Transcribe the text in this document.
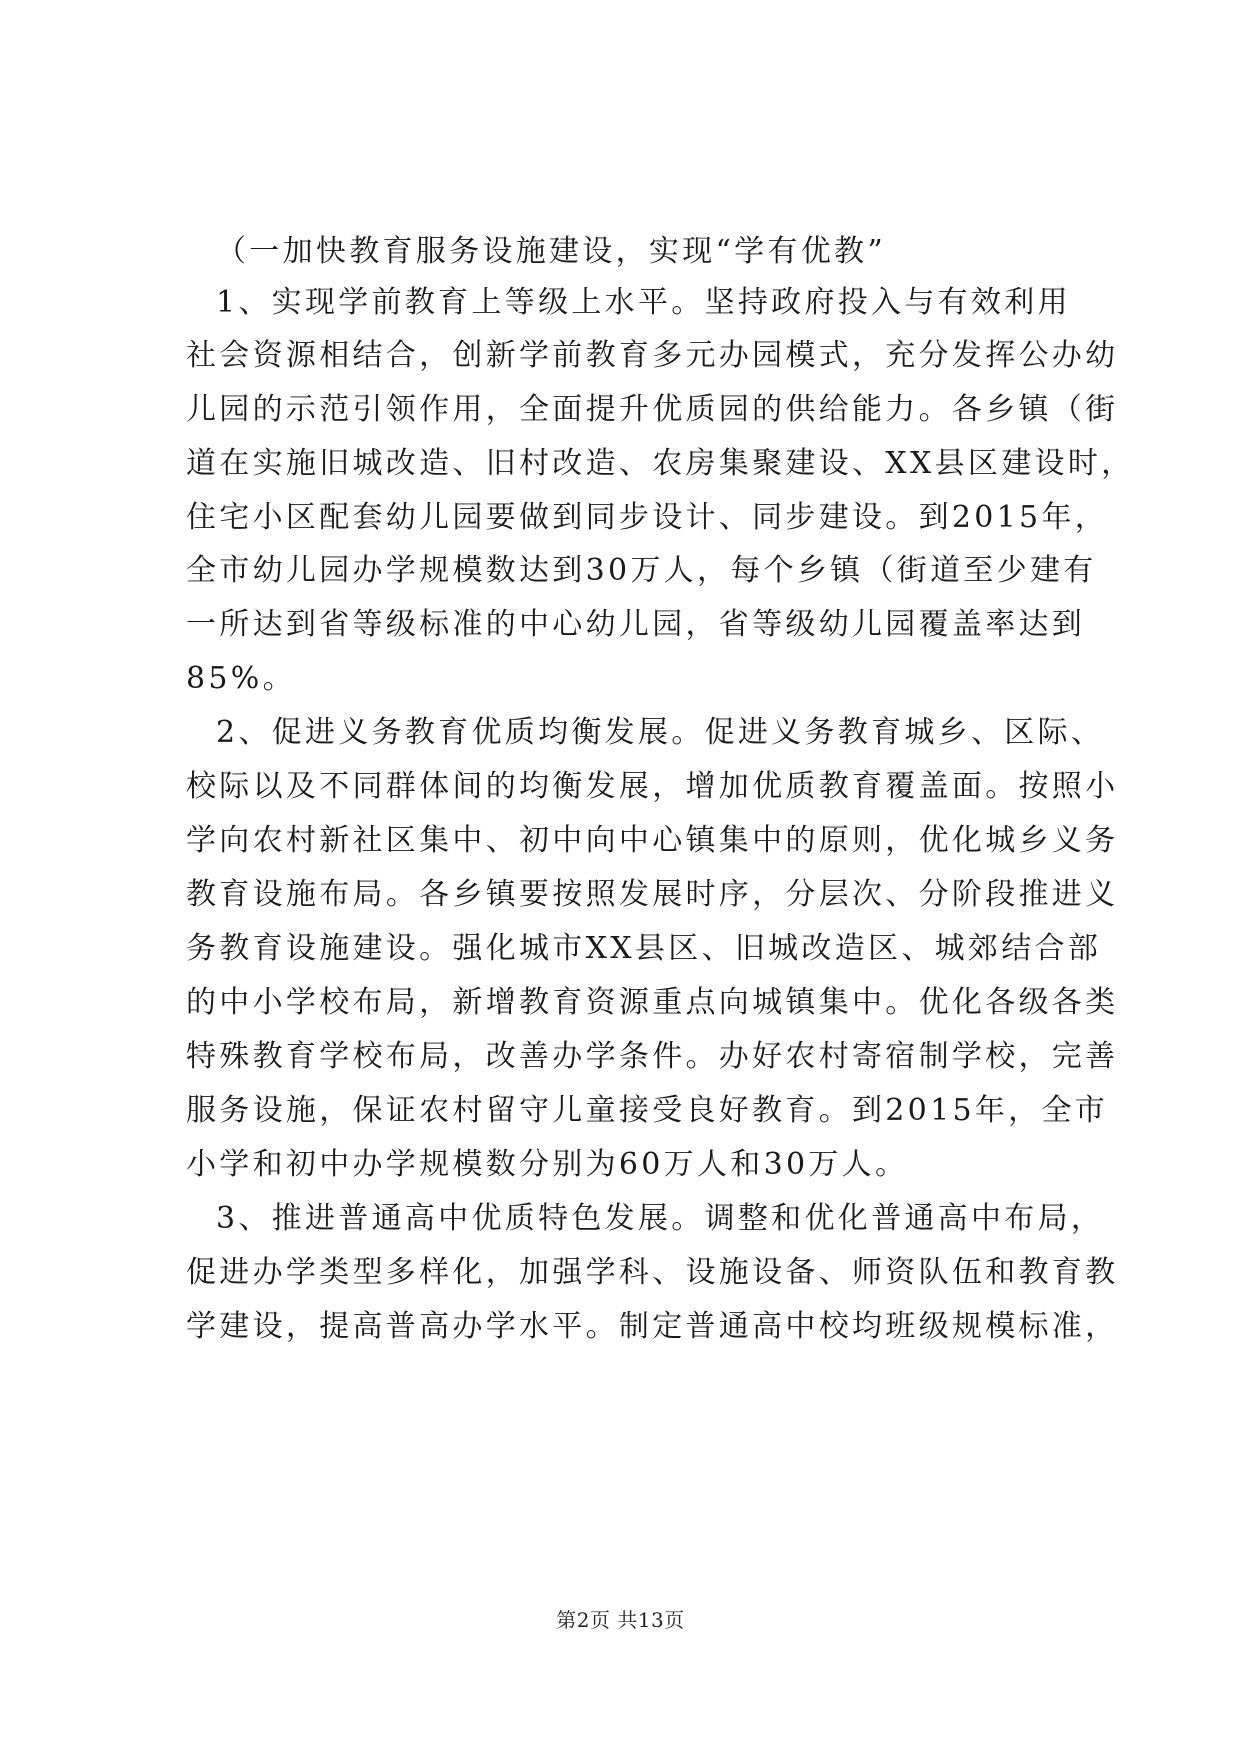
（一加快教育服务设施建设，实现“学有优教”
1、实现学前教育上等级上水平。坚持政府投入与有效利用
社会资源相结合，创新学前教育多元办园模式，充分发挥公办幼
儿园的示范引领作用，全面提升优质园的供给能力。各乡镇（街
道在实施旧城改造、旧村改造、农房集聚建设、XX县区建设时，
住宅小区配套幼儿园要做到同步设计、同步建设。到2015年，
全市幼儿园办学规模数达到30万人，每个乡镇（街道至少建有
一所达到省等级标准的中心幼儿园，省等级幼儿园覆盖率达到
85%。
2、促进义务教育优质均衡发展。促进义务教育城乡、区际、
校际以及不同群体间的均衡发展，增加优质教育覆盖面。按照小
学向农村新社区集中、初中向中心镇集中的原则，优化城乡义务
教育设施布局。各乡镇要按照发展时序，分层次、分阶段推进义
务教育设施建设。强化城市XX县区、旧城改造区、城郊结合部
的中小学校布局，新增教育资源重点向城镇集中。优化各级各类
特殊教育学校布局，改善办学条件。办好农村寄宿制学校，完善
服务设施，保证农村留守儿童接受良好教育。到2015年，全市
小学和初中办学规模数分别为60万人和30万人。
3、推进普通高中优质特色发展。调整和优化普通高中布局，
促进办学类型多样化，加强学科、设施设备、师资队伍和教育教
学建设，提高普高办学水平。制定普通高中校均班级规模标准，
第2页 共13页
